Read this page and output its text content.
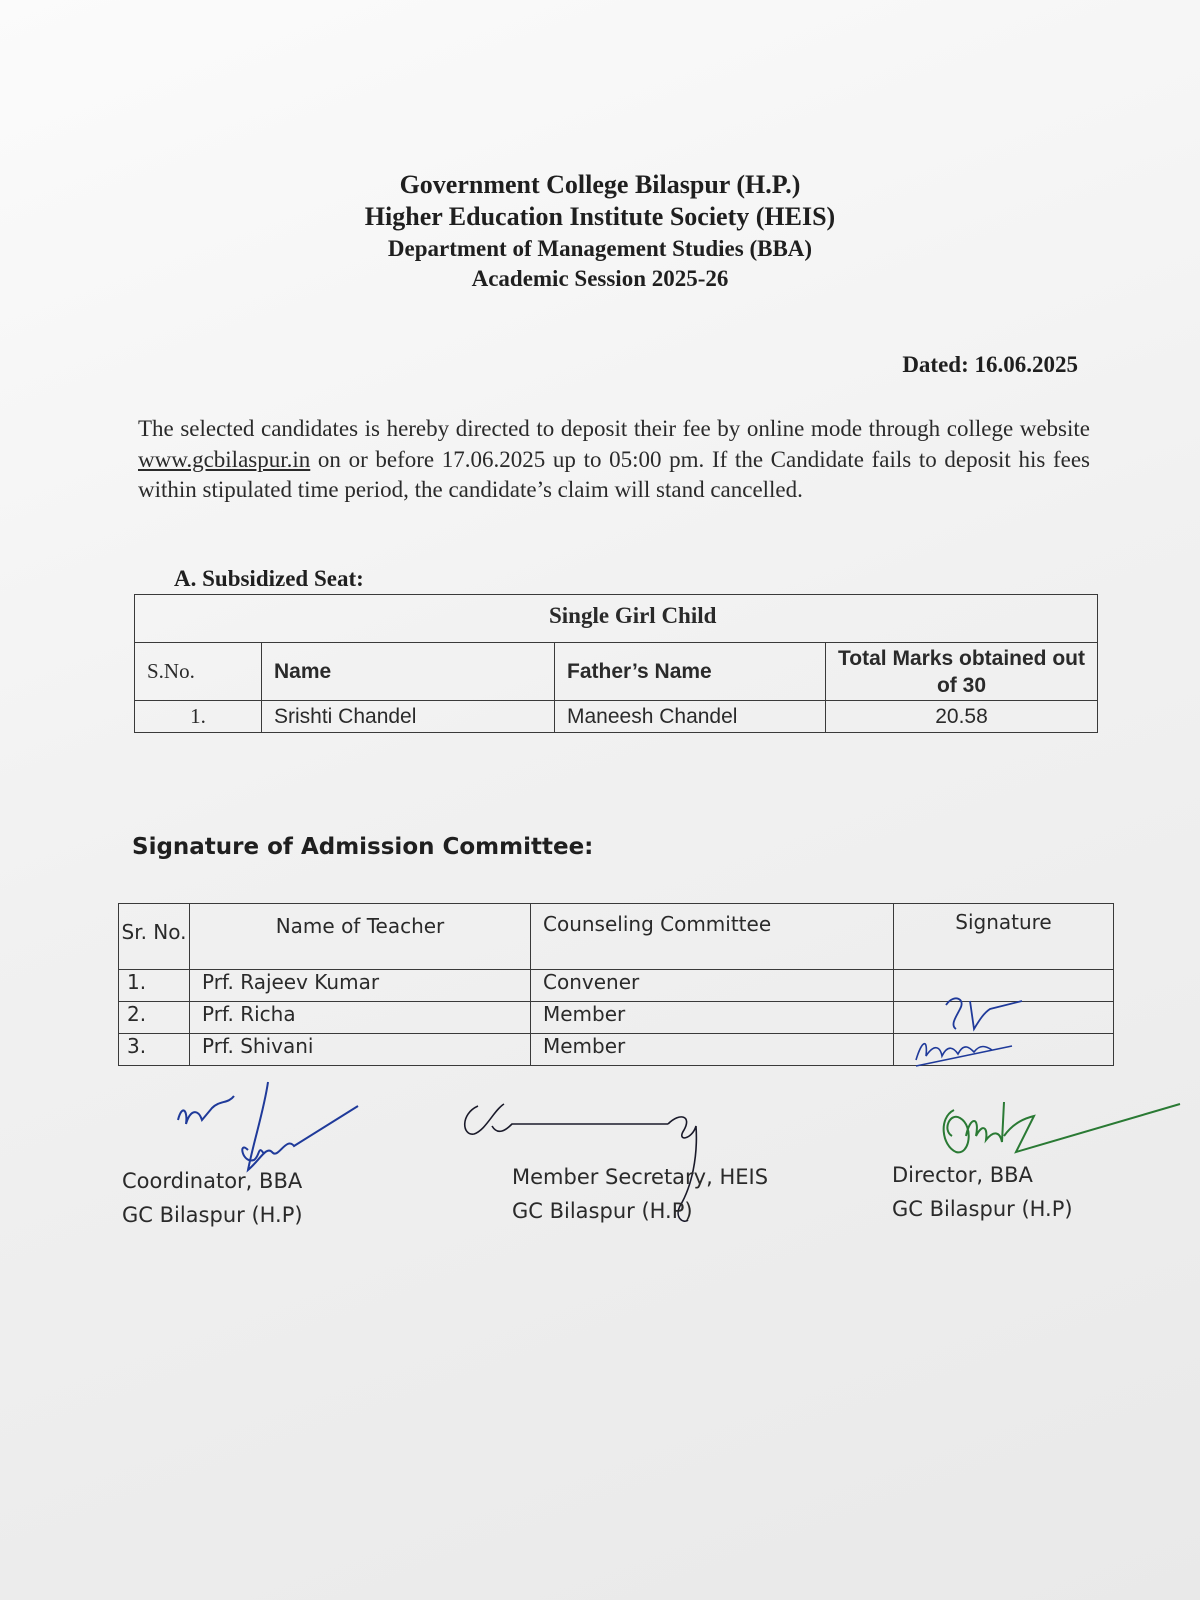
Government College Bilaspur (H.P.)
Higher Education Institute Society (HEIS)
Department of Management Studies (BBA)
Academic Session 2025-26
Dated: 16.06.2025
The selected candidates is hereby directed to deposit their fee by online mode through college website www.gcbilaspur.in on or before 17.06.2025 up to 05:00 pm. If the Candidate fails to deposit his fees within stipulated time period, the candidate’s claim will stand cancelled.
A. Subsidized Seat:
Single Girl Child			

S.No.	Name	Father’s Name	Total Marks obtained out of 30
1.	Srishti Chandel	Maneesh Chandel	20.58
Signature of Admission Committee:
Sr. No.	Name of Teacher	Counseling Committee	Signature
1.	Prf. Rajeev Kumar	Convener	
2.	Prf. Richa	Member	
3.	Prf. Shivani	Member	
Coordinator, BBA
GC Bilaspur (H.P)
Member Secretary, HEIS
GC Bilaspur (H.P)
Director, BBA
GC Bilaspur (H.P)
